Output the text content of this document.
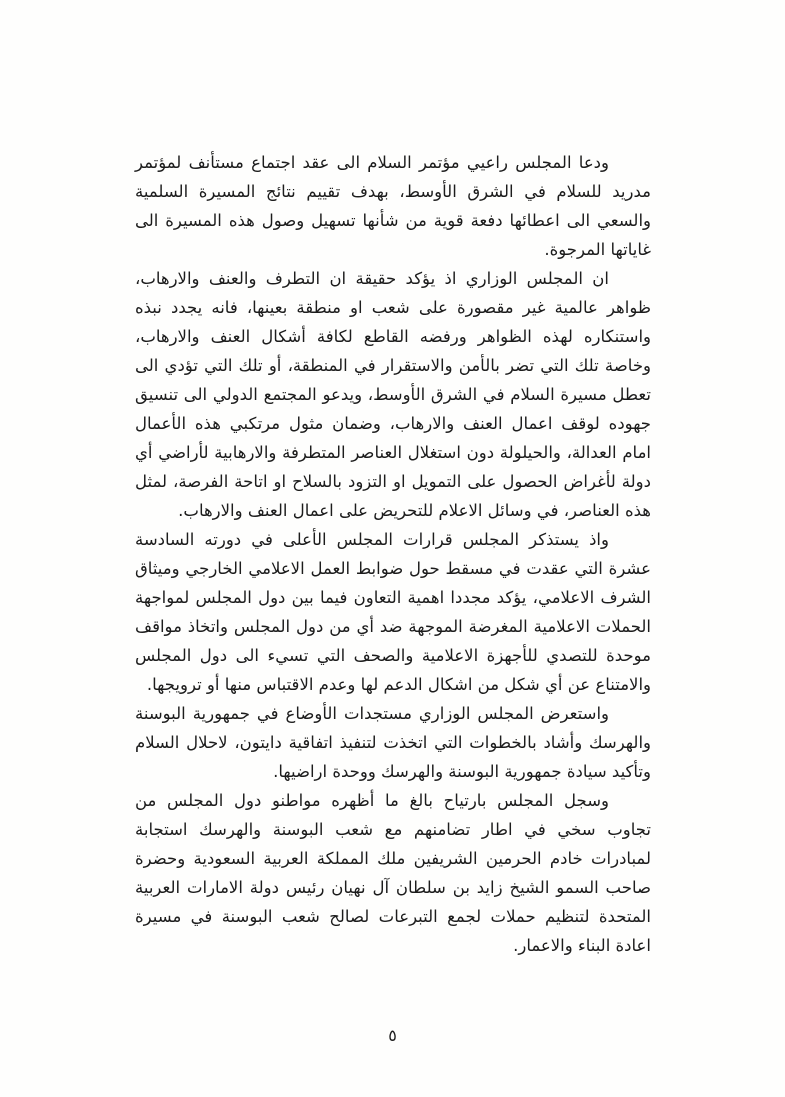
ودعا المجلس راعيي مؤتمر السلام الى عقد اجتماع مستأنف لمؤتمر مدريد للسلام في الشرق الأوسط، بهدف تقييم نتائج المسيرة السلمية والسعي الى اعطائها دفعة قوية من شأنها تسهيل وصول هذه المسيرة الى غاياتها المرجوة.

ان المجلس الوزاري اذ يؤكد حقيقة ان التطرف والعنف والارهاب، ظواهر عالمية غير مقصورة على شعب او منطقة بعينها، فانه يجدد نبذه واستنكاره لهذه الظواهر ورفضه القاطع لكافة أشكال العنف والارهاب، وخاصة تلك التي تضر بالأمن والاستقرار في المنطقة، أو تلك التي تؤدي الى تعطل مسيرة السلام في الشرق الأوسط، ويدعو المجتمع الدولي الى تنسيق جهوده لوقف اعمال العنف والارهاب، وضمان مثول مرتكبي هذه الأعمال امام العدالة، والحيلولة دون استغلال العناصر المتطرفة والارهابية لأراضي أي دولة لأغراض الحصول على التمويل او التزود بالسلاح او اتاحة الفرصة، لمثل هذه العناصر، في وسائل الاعلام للتحريض على اعمال العنف والارهاب.

واذ يستذكر المجلس قرارات المجلس الأعلى في دورته السادسة عشرة التي عقدت في مسقط حول ضوابط العمل الاعلامي الخارجي وميثاق الشرف الاعلامي، يؤكد مجددا اهمية التعاون فيما بين دول المجلس لمواجهة الحملات الاعلامية المغرضة الموجهة ضد أي من دول المجلس واتخاذ مواقف موحدة للتصدي للأجهزة الاعلامية والصحف التي تسيء الى دول المجلس والامتناع عن أي شكل من اشكال الدعم لها وعدم الاقتباس منها أو ترويجها.

واستعرض المجلس الوزاري مستجدات الأوضاع في جمهورية البوسنة والهرسك وأشاد بالخطوات التي اتخذت لتنفيذ اتفاقية دايتون، لاحلال السلام وتأكيد سيادة جمهورية البوسنة والهرسك ووحدة اراضيها.

وسجل المجلس بارتياح بالغ ما أظهره مواطنو دول المجلس من تجاوب سخي في اطار تضامنهم مع شعب البوسنة والهرسك استجابة لمبادرات خادم الحرمين الشريفين ملك المملكة العربية السعودية وحضرة صاحب السمو الشيخ زايد بن سلطان آل نهيان رئيس دولة الامارات العربية المتحدة لتنظيم حملات لجمع التبرعات لصالح شعب البوسنة في مسيرة اعادة البناء والاعمار.

٥
